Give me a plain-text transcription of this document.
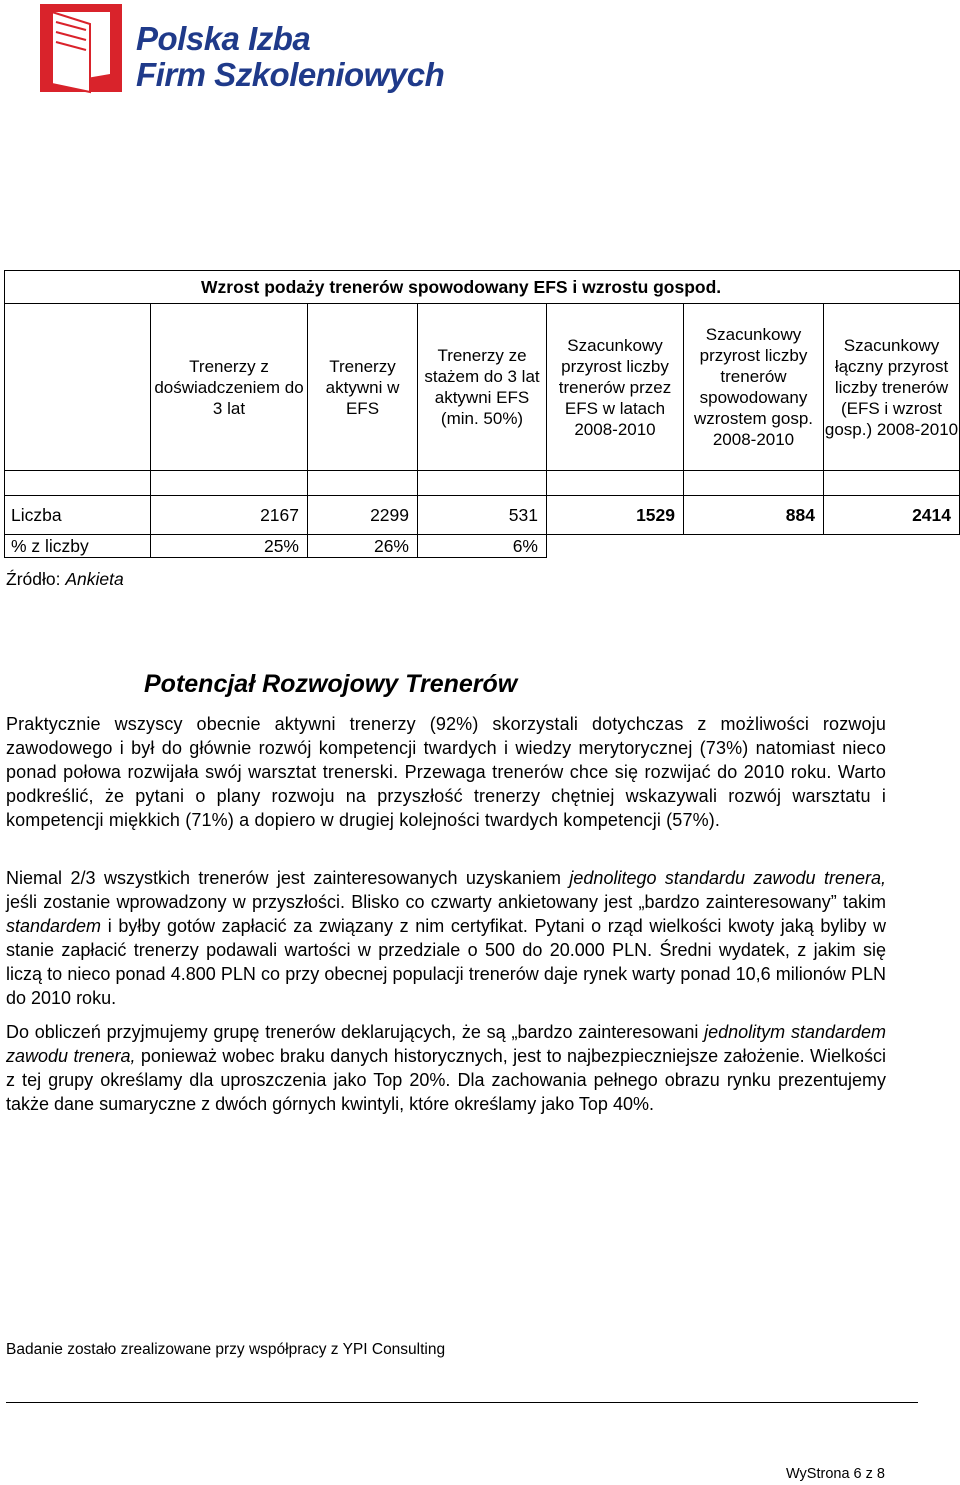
Polska Izba
Firm Szkoleniowych
Wzrost podaży trenerów spowodowany EFS i wzrostu gospod.						
	Trenerzy z doświadczeniem do 3 lat	Trenerzy aktywni w EFS	Trenerzy ze stażem do 3 lat aktywni EFS (min. 50%)	Szacunkowy przyrost liczby trenerów przez EFS w latach 2008-2010	Szacunkowy przyrost liczby trenerów spowodowany wzrostem gosp. 2008-2010	Szacunkowy łączny przyrost liczby trenerów (EFS i wzrost gosp.) 2008-2010

Liczba	2167	2299	531	1529	884	2414
% z liczby	25%	26%	6%			
Źródło: Ankieta
Potencjał Rozwojowy Trenerów
Praktycznie wszyscy obecnie aktywni trenerzy (92%) skorzystali dotychczas z możliwości rozwoju zawodowego i był do głównie rozwój kompetencji twardych i wiedzy merytorycznej (73%) natomiast nieco ponad połowa rozwijała swój warsztat trenerski. Przewaga trenerów chce się rozwijać do 2010 roku. Warto podkreślić, że pytani o plany rozwoju na przyszłość trenerzy chętniej wskazywali rozwój warsztatu i kompetencji miękkich (71%) a dopiero w drugiej kolejności twardych kompetencji (57%).
Niemal 2/3 wszystkich trenerów jest zainteresowanych uzyskaniem jednolitego standardu zawodu trenera, jeśli zostanie wprowadzony w przyszłości. Blisko co czwarty ankietowany jest „bardzo zainteresowany” takim standardem i byłby gotów zapłacić za związany z nim certyfikat. Pytani o rząd wielkości kwoty jaką byliby w stanie zapłacić trenerzy podawali wartości w przedziale o 500 do 20.000 PLN. Średni wydatek, z jakim się liczą to nieco ponad 4.800 PLN co przy obecnej populacji trenerów daje rynek warty ponad 10,6 milionów PLN do 2010 roku.
Do obliczeń przyjmujemy grupę trenerów deklarujących, że są „bardzo zainteresowani jednolitym standardem zawodu trenera, ponieważ wobec braku danych historycznych, jest to najbezpieczniejsze założenie. Wielkości z tej grupy określamy dla uproszczenia jako Top 20%. Dla zachowania pełnego obrazu rynku prezentujemy także dane sumaryczne z dwóch górnych kwintyli, które określamy jako Top 40%.
Badanie zostało zrealizowane przy współpracy z YPI Consulting
WyStrona 6 z 8
